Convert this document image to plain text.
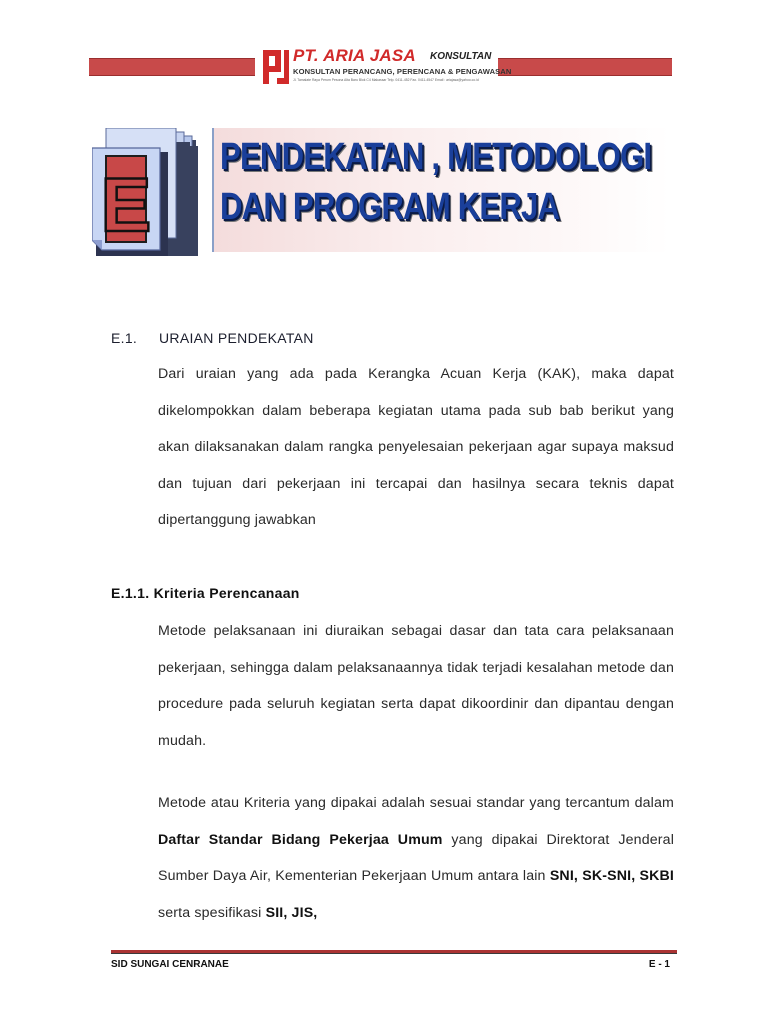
PT. ARIA JASA KONSULTAN
KONSULTAN PERANCANG, PERENCANA & PENGAWASAN
Jl. Tamalate Raya Perum Pesona Alta Baru Blok C4 Makassar Telp. 0411-452 Fax. 0411-4547 Email : ariajasa@yahoo.co.id
E
PENDEKATAN , METODOLOGI
DAN PROGRAM KERJA
E.1. URAIAN PENDEKATAN

Dari uraian yang ada pada Kerangka Acuan Kerja (KAK), maka dapat dikelompokkan dalam beberapa kegiatan utama pada sub bab berikut yang akan dilaksanakan dalam rangka penyelesaian pekerjaan agar supaya maksud dan tujuan dari pekerjaan ini tercapai dan hasilnya secara teknis dapat dipertanggung jawabkan

E.1.1. Kriteria Perencanaan

Metode pelaksanaan ini diuraikan sebagai dasar dan tata cara pelaksanaan pekerjaan, sehingga dalam pelaksanaannya tidak terjadi kesalahan metode dan procedure pada seluruh kegiatan serta dapat dikoordinir dan dipantau dengan mudah.

Metode atau Kriteria yang dipakai adalah sesuai standar yang tercantum dalam Daftar Standar Bidang Pekerjaa Umum yang dipakai Direktorat Jenderal Sumber Daya Air, Kementerian Pekerjaan Umum antara lain SNI, SK-SNI, SKBI serta spesifikasi SII, JIS,

SID SUNGAI CENRANAE	E - 1
